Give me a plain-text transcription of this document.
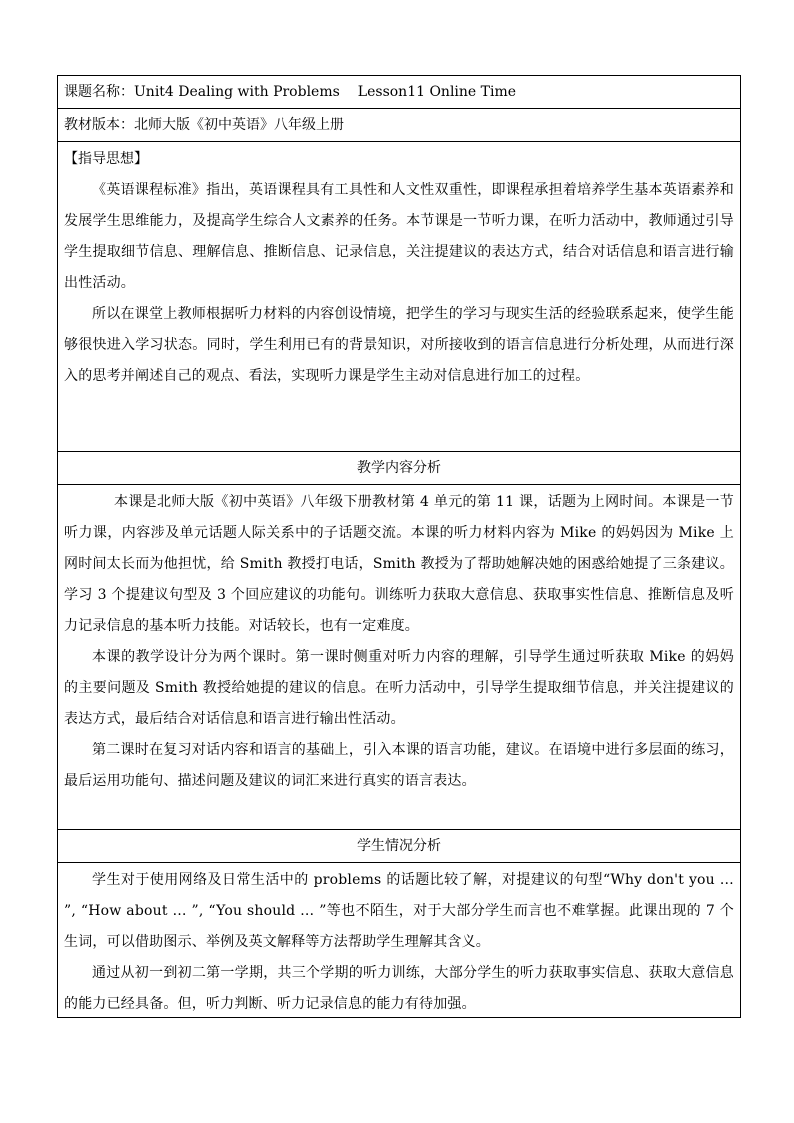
课题名称：Unit4 Dealing with Problems Lesson11 Online Time
教材版本：北师大版《初中英语》八年级上册

【指导思想】

《英语课程标准》指出，英语课程具有工具性和人文性双重性，即课程承担着培养学生基本英语素养和发展学生思维能力，及提高学生综合人文素养的任务。本节课是一节听力课，在听力活动中，教师通过引导学生提取细节信息、理解信息、推断信息、记录信息，关注提建议的表达方式，结合对话信息和语言进行输出性活动。

所以在课堂上教师根据听力材料的内容创设情境，把学生的学习与现实生活的经验联系起来，使学生能够很快进入学习状态。同时，学生利用已有的背景知识，对所接收到的语言信息进行分析处理，从而进行深入的思考并阐述自己的观点、看法，实现听力课是学生主动对信息进行加工的过程。

教学内容分析

本课是北师大版《初中英语》八年级下册教材第 4 单元的第 11 课，话题为上网时间。本课是一节听力课，内容涉及单元话题人际关系中的子话题交流。本课的听力材料内容为 Mike 的妈妈因为 Mike 上网时间太长而为他担忧，给 Smith 教授打电话，Smith 教授为了帮助她解决她的困惑给她提了三条建议。学习 3 个提建议句型及 3 个回应建议的功能句。训练听力获取大意信息、获取事实性信息、推断信息及听力记录信息的基本听力技能。对话较长，也有一定难度。

本课的教学设计分为两个课时。第一课时侧重对听力内容的理解，引导学生通过听获取 Mike 的妈妈的主要问题及 Smith 教授给她提的建议的信息。在听力活动中，引导学生提取细节信息，并关注提建议的表达方式，最后结合对话信息和语言进行输出性活动。

第二课时在复习对话内容和语言的基础上，引入本课的语言功能，建议。在语境中进行多层面的练习，最后运用功能句、描述问题及建议的词汇来进行真实的语言表达。

学生情况分析

学生对于使用网络及日常生活中的 problems 的话题比较了解，对提建议的句型“Why don't you … ”, “How about … ”, “You should … ”等也不陌生，对于大部分学生而言也不难掌握。此课出现的 7 个生词，可以借助图示、举例及英文解释等方法帮助学生理解其含义。

通过从初一到初二第一学期，共三个学期的听力训练，大部分学生的听力获取事实信息、获取大意信息的能力已经具备。但，听力判断、听力记录信息的能力有待加强。
